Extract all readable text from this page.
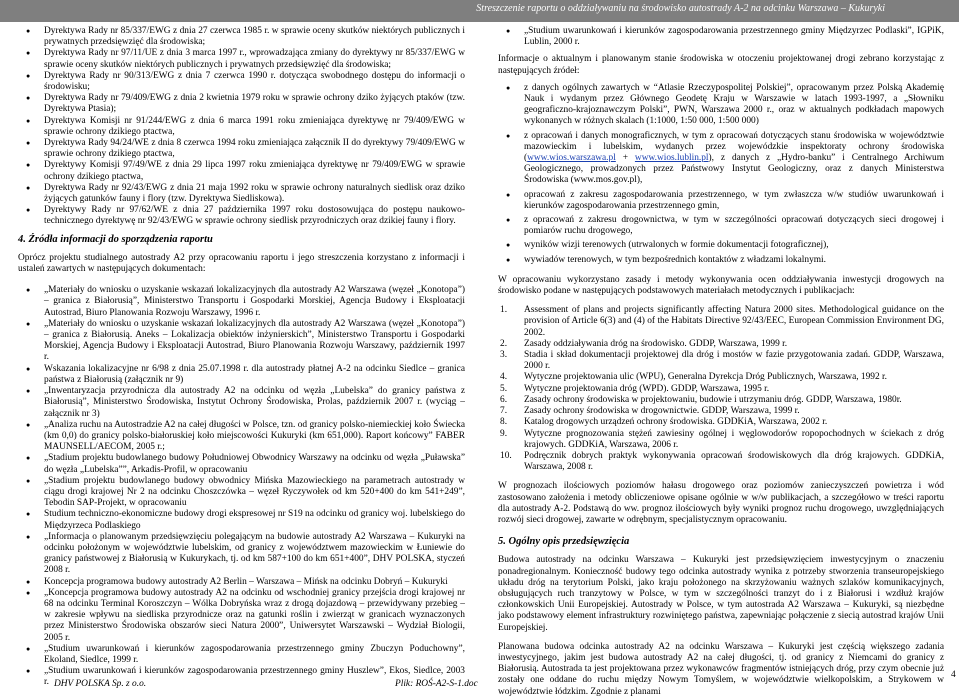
Streszczenie raportu o oddziaływaniu na środowisko autostrady A-2 na odcinku Warszawa – Kukuryki
● Dyrektywa Rady nr 85/337/EWG z dnia 27 czerwca 1985 r. w sprawie oceny skutków niektórych publicznych i prywatnych przedsięwzięć dla środowiska;
● Dyrektywa Rady nr 97/11/UE z dnia 3 marca 1997 r., wprowadzająca zmiany do dyrektywy nr 85/337/EWG w sprawie oceny skutków niektórych publicznych i prywatnych przedsięwzięć dla środowiska;
● Dyrektywa Rady nr 90/313/EWG z dnia 7 czerwca 1990 r. dotycząca swobodnego dostępu do informacji o środowisku;
● Dyrektywa Rady nr 79/409/EWG z dnia 2 kwietnia 1979 roku w sprawie ochrony dziko żyjących ptaków (tzw. Dyrektywa Ptasia);
● Dyrektywa Komisji nr 91/244/EWG z dnia 6 marca 1991 roku zmieniająca dyrektywę nr 79/409/EWG w sprawie ochrony dzikiego ptactwa,
● Dyrektywa Rady 94/24/WE z dnia 8 czerwca 1994 roku zmieniająca załącznik II do dyrektywy 79/409/EWG w sprawie ochrony dzikiego ptactwa,
● Dyrektywy Komisji 97/49/WE z dnia 29 lipca 1997 roku zmieniająca dyrektywę nr 79/409/EWG w sprawie ochrony dzikiego ptactwa,
● Dyrektywa Rady nr 92/43/EWG z dnia 21 maja 1992 roku w sprawie ochrony naturalnych siedlisk oraz dziko żyjących gatunków fauny i flory (tzw. Dyrektywa Siedliskowa).
● Dyrektywy Rady nr 97/62/WE z dnia 27 października 1997 roku dostosowująca do postępu naukowo-technicznego dyrektywę nr 92/43/EWG w sprawie ochrony siedlisk przyrodniczych oraz dzikiej fauny i flory.

4. Źródła informacji do sporządzenia raportu

Oprócz projektu studialnego autostrady A2 przy opracowaniu raportu i jego streszczenia korzystano z informacji i ustaleń zawartych w następujących dokumentach:

● „Materiały do wniosku o uzyskanie wskazań lokalizacyjnych dla autostrady A2 Warszawa (węzeł „Konotopa”) – granica z Białorusią”, Ministerstwo Transportu i Gospodarki Morskiej, Agencja Budowy i Eksploatacji Autostrad, Biuro Planowania Rozwoju Warszawy, 1996 r.
● „Materiały do wniosku o uzyskanie wskazań lokalizacyjnych dla autostrady A2 Warszawa (węzeł „Konotopa”) – granica z Białorusią. Aneks – Lokalizacja obiektów inżynierskich”, Ministerstwo Transportu i Gospodarki Morskiej, Agencja Budowy i Eksploatacji Autostrad, Biuro Planowania Rozwoju Warszawy, październik 1997 r.
● Wskazania lokalizacyjne nr 6/98 z dnia 25.07.1998 r. dla autostrady płatnej A-2 na odcinku Siedlce – granica państwa z Białorusią (załącznik nr 9)
● „Inwentaryzacja przyrodnicza dla autostrady A2 na odcinku od węzła „Lubelska” do granicy państwa z Białorusią”, Ministerstwo Środowiska, Instytut Ochrony Środowiska, Prolas, październik 2007 r. (wyciąg – załącznik nr 3)
● „Analiza ruchu na Autostradzie A2 na całej długości w Polsce, tzn. od granicy polsko-niemieckiej koło Świecka (km 0,0) do granicy polsko-białoruskiej koło miejscowości Kukuryki (km 651,000). Raport końcowy” FABER MAUNSELL/AECOM, 2005 r.;
● „Stadium projektu budowlanego budowy Południowej Obwodnicy Warszawy na odcinku od węzła „Puławska” do węzła „Lubelska””, Arkadis-Profil, w opracowaniu
● „Stadium projektu budowlanego budowy obwodnicy Mińska Mazowieckiego na parametrach autostrady w ciągu drogi krajowej Nr 2 na odcinku Choszczówka – węzeł Ryczywołek od km 520+400 do km 541+249”, Tebodin SAP-Projekt, w opracowaniu
● Studium techniczno-ekonomiczne budowy drogi ekspresowej nr S19 na odcinku od granicy woj. lubelskiego do Międzyrzeca Podlaskiego
● „Informacja o planowanym przedsięwzięciu polegającym na budowie autostrady A2 Warszawa – Kukuryki na odcinku położonym w województwie lubelskim, od granicy z województwem mazowieckim w Łuniewie do granicy państwowej z Białorusią w Kukurykach, tj. od km 587+100 do km 651+400”, DHV POLSKA, styczeń 2008 r.
● Koncepcja programowa budowy autostrady A2 Berlin – Warszawa – Mińsk na odcinku Dobryń – Kukuryki
● „Koncepcja programowa budowy autostrady A2 na odcinku od wschodniej granicy przejścia drogi krajowej nr 68 na odcinku Terminal Koroszczyn – Wólka Dobryńska wraz z drogą dojazdową – przewidywany przebieg – w zakresie wpływu na siedliska przyrodnicze oraz na gatunki roślin i zwierząt w granicach wyznaczonych przez Ministerstwo Środowiska obszarów sieci Natura 2000”, Uniwersytet Warszawski – Wydział Biologii, 2005 r.
● „Studium uwarunkowań i kierunków zagospodarowania przestrzennego gminy Zbuczyn Poduchowny”, Ekoland, Siedlce, 1999 r.
● „Studium uwarunkowań i kierunków zagospodarowania przestrzennego gminy Huszlew”, Ekos, Siedlce, 2003 r.
● „Studium uwarunkowań i kierunków zagospodarowania przestrzennego gminy Międzyrzec Podlaski”, IGPiK, Lublin, 2000 r.

Informacje o aktualnym i planowanym stanie środowiska w otoczeniu projektowanej drogi zebrano korzystając z następujących źródeł:

● z danych ogólnych zawartych w “Atlasie Rzeczypospolitej Polskiej”, opracowanym przez Polską Akademię Nauk i wydanym przez Głównego Geodetę Kraju w Warszawie w latach 1993-1997, a „Słowniku geograficzno-krajoznawczym Polski”, PWN, Warszawa 2000 r., oraz w aktualnych podkładach mapowych wykonanych w różnych skalach (1:1000, 1:50 000, 1:500 000)
● z opracowań i danych monograficznych, w tym z opracowań dotyczących stanu środowiska w województwie mazowieckim i lubelskim, wydanych przez wojewódzkie inspektoraty ochrony środowiska (www.wios.warszawa.pl + www.wios.lublin.pl), z danych z „Hydro-banku” i Centralnego Archiwum Geologicznego, prowadzonych przez Państwowy Instytut Geologiczny, oraz z danych Ministerstwa Środowiska (www.mos.gov.pl),
● opracowań z zakresu zagospodarowania przestrzennego, w tym zwłaszcza w/w studiów uwarunkowań i kierunków zagospodarowania przestrzennego gmin,
● z opracowań z zakresu drogownictwa, w tym w szczególności opracowań dotyczących sieci drogowej i pomiarów ruchu drogowego,
● wyników wizji terenowych (utrwalonych w formie dokumentacji fotograficznej),
● wywiadów terenowych, w tym bezpośrednich kontaktów z władzami lokalnymi.

W opracowaniu wykorzystano zasady i metody wykonywania ocen oddziaływania inwestycji drogowych na środowisko podane w następujących podstawowych materiałach metodycznych i publikacjach:

1. Assessment of plans and projects significantly affecting Natura 2000 sites. Methodological guidance on the provision of Article 6(3) and (4) of the Habitats Directive 92/43/EEC, European Commission Environment DG, 2002.
2. Zasady oddziaływania dróg na środowisko. GDDP, Warszawa, 1999 r.
3. Stadia i skład dokumentacji projektowej dla dróg i mostów w fazie przygotowania zadań. GDDP, Warszawa, 2000 r.
4. Wytyczne projektowania ulic (WPU), Generalna Dyrekcja Dróg Publicznych, Warszawa, 1992 r.
5. Wytyczne projektowania dróg (WPD). GDDP, Warszawa, 1995 r.
6. Zasady ochrony środowiska w projektowaniu, budowie i utrzymaniu dróg. GDDP, Warszawa, 1980r.
7. Zasady ochrony środowiska w drogownictwie. GDDP, Warszawa, 1999 r.
8. Katalog drogowych urządzeń ochrony środowiska. GDDKiA, Warszawa, 2002 r.
9. Wytyczne prognozowania stężeń zawiesiny ogólnej i węglowodorów ropopochodnych w ściekach z dróg krajowych. GDDKiA, Warszawa, 2006 r.
10. Podręcznik dobrych praktyk wykonywania opracowań środowiskowych dla dróg krajowych. GDDKiA, Warszawa, 2008 r.

W prognozach ilościowych poziomów hałasu drogowego oraz poziomów zanieczyszczeń powietrza i wód zastosowano założenia i metody obliczeniowe opisane ogólnie w w/w publikacjach, a szczegółowo w treści raportu dla autostrady A-2. Podstawą do ww. prognoz ilościowych były wyniki prognoz ruchu drogowego, uwzględniających rozwój sieci drogowej, zawarte w odrębnym, specjalistycznym opracowaniu.

5. Ogólny opis przedsięwzięcia

Budowa autostrady na odcinku Warszawa – Kukuryki jest przedsięwzięciem inwestycyjnym o znaczeniu ponadregionalnym. Konieczność budowy tego odcinka autostrady wynika z potrzeby stworzenia transeuropejskiego układu dróg na terytorium Polski, jako kraju położonego na skrzyżowaniu ważnych szlaków komunikacyjnych, obsługujących ruch tranzytowy w Polsce, w tym w szczególności tranzyt do i z Białorusi i wzdłuż krajów członkowskich Unii Europejskiej. Autostrady w Polsce, w tym autostrada A2 Warszawa – Kukuryki, są niezbędne jako podstawowy element infrastruktury rozwiniętego państwa, zapewniając połączenie z siecią autostrad krajów Unii Europejskiej.

Planowana budowa odcinka autostrady A2 na odcinku Warszawa – Kukuryki jest częścią większego zadania inwestycyjnego, jakim jest budowa autostrady A2 na całej długości, tj. od granicy z Niemcami do granicy z Białorusią. Autostrada ta jest projektowana przez wykonawców fragmentów istniejących dróg, przy czym obecnie już zostały one oddane do ruchu między Nowym Tomyślem, w województwie wielkopolskim, a Strykowem w województwie łódzkim. Zgodnie z planami

DHV POLSKA Sp. z o.o.	Plik: ROŚ-A2-S-1.doc
4
